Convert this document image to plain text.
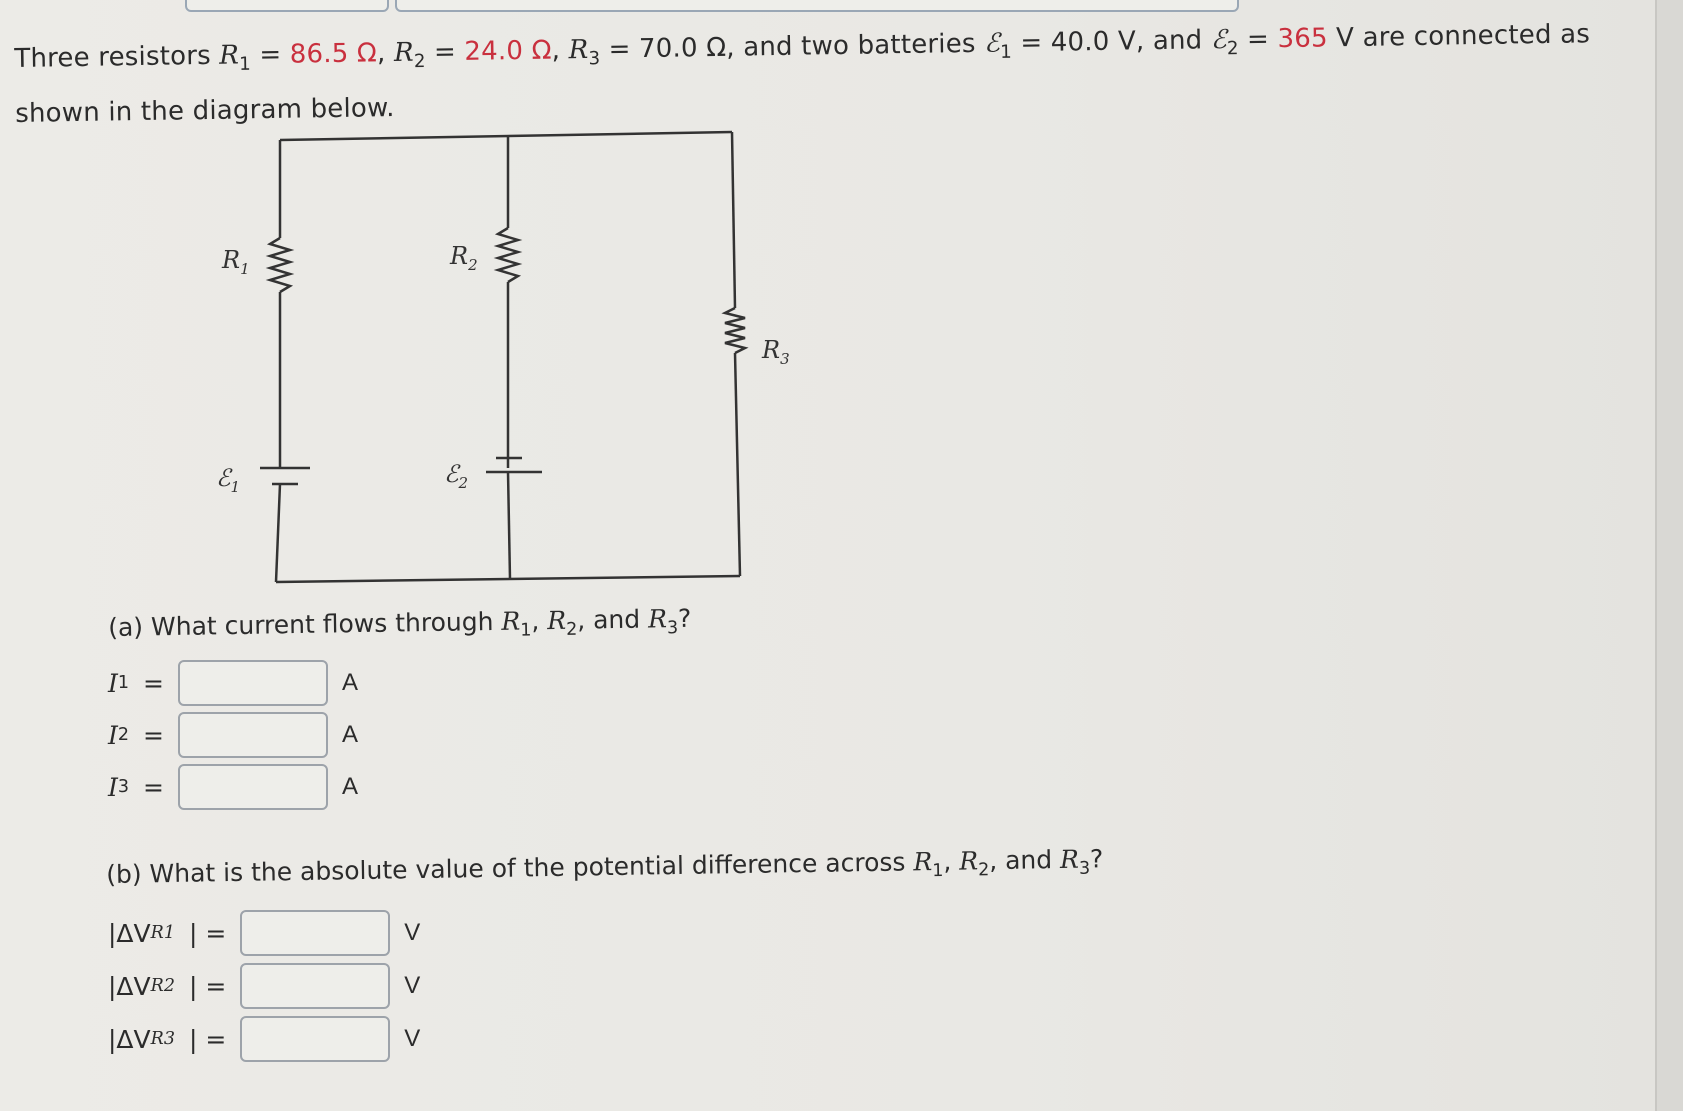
Three resistors $R_1 = 86.5$ Ω, $R_2 = 24.0$ Ω, $R_3 = 70.0$ Ω, and two batteries ℰ$_1$ = 40.0 V, and ℰ$_2$ = 365 V are connected as
shown in the diagram below.
$R_1$	$R_2$
$R_3$
ℰ$_1$	ℰ$_2$
(a) What current flows through $R_1$, $R_2$, and $R_3$?
I 1 =	A
I 2 =	A
I 3 =	A
(b) What is the absolute value of the potential difference across $R_1$, $R_2$, and $R_3$?
|ΔV R1 | =	V
|ΔV R2 | =	V
|ΔV R3 | =	V
